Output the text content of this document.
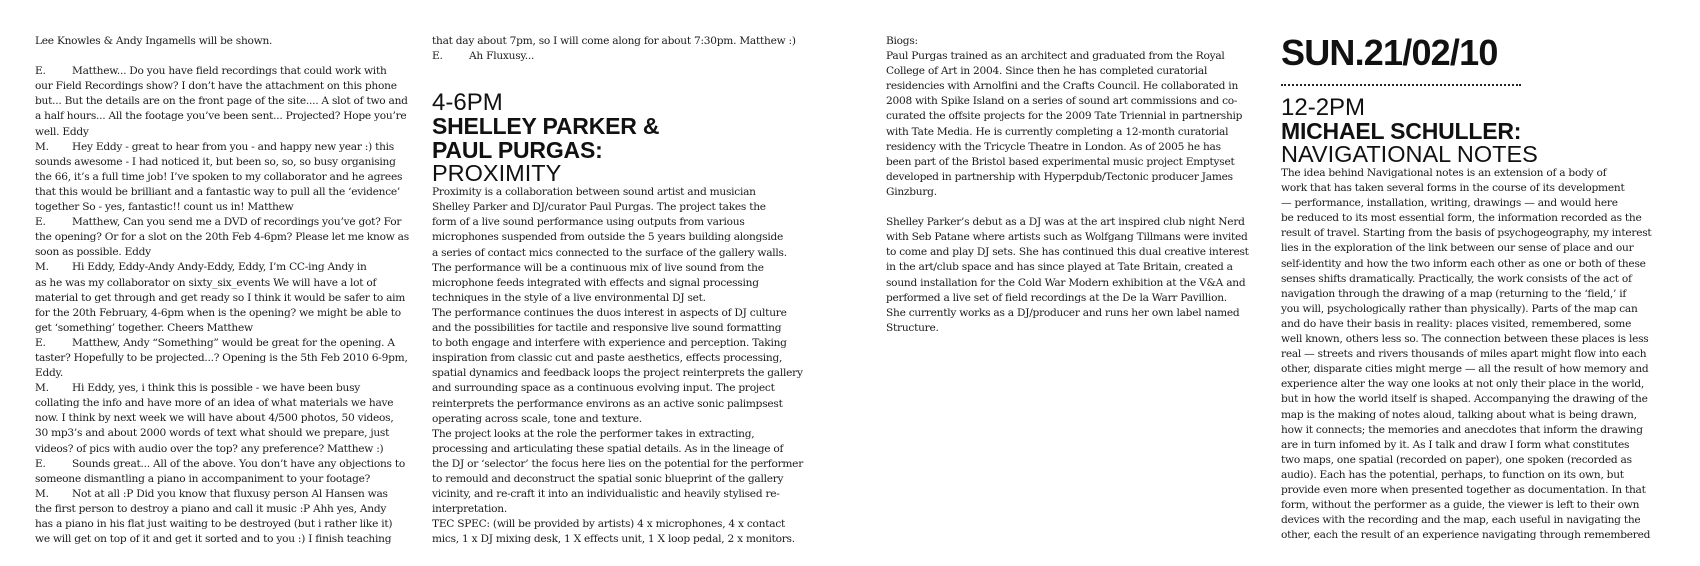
Lee Knowles & Andy Ingamells will be shown.
E. Matthew... Do you have field recordings that could work with
our Field Recordings show? I don’t have the attachment on this phone
but... But the details are on the front page of the site.... A slot of two and
a half hours... All the footage you’ve been sent... Projected? Hope you’re
well. Eddy
M. Hey Eddy - great to hear from you - and happy new year :) this
sounds awesome - I had noticed it, but been so, so, so busy organising
the 66, it’s a full time job! I’ve spoken to my collaborator and he agrees
that this would be brilliant and a fantastic way to pull all the ‘evidence’
together So - yes, fantastic!! count us in! Matthew
E. Matthew, Can you send me a DVD of recordings you’ve got? For
the opening? Or for a slot on the 20th Feb 4-6pm? Please let me know as
soon as possible. Eddy
M. Hi Eddy, Eddy-Andy Andy-Eddy, Eddy, I’m CC-ing Andy in
as he was my collaborator on sixty_six_events We will have a lot of
material to get through and get ready so I think it would be safer to aim
for the 20th February, 4-6pm when is the opening? we might be able to
get ‘something’ together. Cheers Matthew
E. Matthew, Andy “Something” would be great for the opening. A
taster? Hopefully to be projected...? Opening is the 5th Feb 2010 6-9pm,
Eddy.
M. Hi Eddy, yes, i think this is possible - we have been busy
collating the info and have more of an idea of what materials we have
now. I think by next week we will have about 4/500 photos, 50 videos,
30 mp3’s and about 2000 words of text what should we prepare, just
videos? of pics with audio over the top? any preference? Matthew :)
E. Sounds great... All of the above. You don’t have any objections to
someone dismantling a piano in accompaniment to your footage?
M. Not at all :P Did you know that fluxusy person Al Hansen was
the first person to destroy a piano and call it music :P Ahh yes, Andy
has a piano in his flat just waiting to be destroyed (but i rather like it)
we will get on top of it and get it sorted and to you :) I finish teaching
that day about 7pm, so I will come along for about 7:30pm. Matthew :)
E. Ah Fluxusy...
4-6PM
SHELLEY PARKER &
PAUL PURGAS:
PROXIMITY
Proximity is a collaboration between sound artist and musician
Shelley Parker and DJ/curator Paul Purgas. The project takes the
form of a live sound performance using outputs from various
microphones suspended from outside the 5 years building alongside
a series of contact mics connected to the surface of the gallery walls.
The performance will be a continuous mix of live sound from the
microphone feeds integrated with effects and signal processing
techniques in the style of a live environmental DJ set.
The performance continues the duos interest in aspects of DJ culture
and the possibilities for tactile and responsive live sound formatting
to both engage and interfere with experience and perception. Taking
inspiration from classic cut and paste aesthetics, effects processing,
spatial dynamics and feedback loops the project reinterprets the gallery
and surrounding space as a continuous evolving input. The project
reinterprets the performance environs as an active sonic palimpsest
operating across scale, tone and texture.
The project looks at the role the performer takes in extracting,
processing and articulating these spatial details. As in the lineage of
the DJ or ‘selector’ the focus here lies on the potential for the performer
to remould and deconstruct the spatial sonic blueprint of the gallery
vicinity, and re-craft it into an individualistic and heavily stylised re-
interpretation.
TEC SPEC: (will be provided by artists) 4 x microphones, 4 x contact
mics, 1 x DJ mixing desk, 1 X effects unit, 1 X loop pedal, 2 x monitors.

Biogs:

Paul Purgas trained as an architect and graduated from the Royal
College of Art in 2004. Since then he has completed curatorial
residencies with Arnolfini and the Crafts Council. He collaborated in
2008 with Spike Island on a series of sound art commissions and co-
curated the offsite projects for the 2009 Tate Triennial in partnership
with Tate Media. He is currently completing a 12-month curatorial
residency with the Tricycle Theatre in London. As of 2005 he has
been part of the Bristol based experimental music project Emptyset
developed in partnership with Hyperpdub/Tectonic producer James
Ginzburg.
Shelley Parker’s debut as a DJ was at the art inspired club night Nerd
with Seb Patane where artists such as Wolfgang Tillmans were invited
to come and play DJ sets. She has continued this dual creative interest
in the art/club space and has since played at Tate Britain, created a
sound installation for the Cold War Modern exhibition at the V&A and
performed a live set of field recordings at the De la Warr Pavillion.
She currently works as a DJ/producer and runs her own label named
Structure.
SUN.21/02/10
12-2PM
MICHAEL SCHULLER:
NAVIGATIONAL NOTES
The idea behind Navigational notes is an extension of a body of
work that has taken several forms in the course of its development
— performance, installation, writing, drawings — and would here
be reduced to its most essential form, the information recorded as the
result of travel. Starting from the basis of psychogeography, my interest
lies in the exploration of the link between our sense of place and our
self-identity and how the two inform each other as one or both of these
senses shifts dramatically. Practically, the work consists of the act of
navigation through the drawing of a map (returning to the ‘field,’ if
you will, psychologically rather than physically). Parts of the map can
and do have their basis in reality: places visited, remembered, some
well known, others less so. The connection between these places is less
real — streets and rivers thousands of miles apart might flow into each
other, disparate cities might merge — all the result of how memory and
experience alter the way one looks at not only their place in the world,
but in how the world itself is shaped. Accompanying the drawing of the
map is the making of notes aloud, talking about what is being drawn,
how it connects; the memories and anecdotes that inform the drawing
are in turn infomed by it. As I talk and draw I form what constitutes
two maps, one spatial (recorded on paper), one spoken (recorded as
audio). Each has the potential, perhaps, to function on its own, but
provide even more when presented together as documentation. In that
form, without the performer as a guide, the viewer is left to their own
devices with the recording and the map, each useful in navigating the
other, each the result of an experience navigating through remembered
